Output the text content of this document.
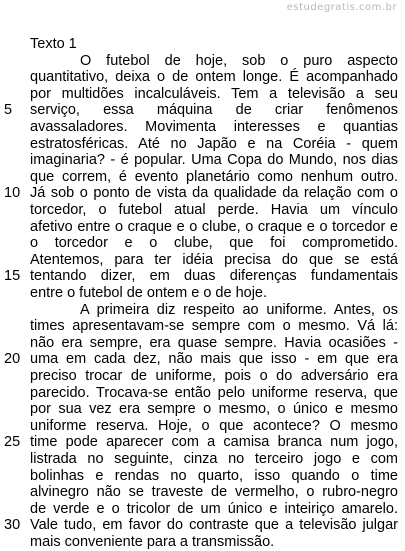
estudegratis.com.br
Texto 1
O futebol de hoje, sob o puro aspecto
quantitativo, deixa o de ontem longe. É acompanhado
por multidões incalculáveis. Tem a televisão a seu
5 serviço, essa máquina de criar fenômenos
avassaladores. Movimenta interesses e quantias
estratosféricas. Até no Japão e na Coréia - quem
imaginaria? - é popular. Uma Copa do Mundo, nos dias
que correm, é evento planetário como nenhum outro.
10 Já sob o ponto de vista da qualidade da relação com o
torcedor, o futebol atual perde. Havia um vínculo
afetivo entre o craque e o clube, o craque e o torcedor e
o torcedor e o clube, que foi comprometido.
Atentemos, para ter idéia precisa do que se está
15 tentando dizer, em duas diferenças fundamentais
entre o futebol de ontem e o de hoje.
A primeira diz respeito ao uniforme. Antes, os
times apresentavam-se sempre com o mesmo. Vá lá:
não era sempre, era quase sempre. Havia ocasiões -
20 uma em cada dez, não mais que isso - em que era
preciso trocar de uniforme, pois o do adversário era
parecido. Trocava-se então pelo uniforme reserva, que
por sua vez era sempre o mesmo, o único e mesmo
uniforme reserva. Hoje, o que acontece? O mesmo
25 time pode aparecer com a camisa branca num jogo,
listrada no seguinte, cinza no terceiro jogo e com
bolinhas e rendas no quarto, isso quando o time
alvinegro não se traveste de vermelho, o rubro-negro
de verde e o tricolor de um único e inteiriço amarelo.
30 Vale tudo, em favor do contraste que a televisão julgar
mais conveniente para a transmissão.
